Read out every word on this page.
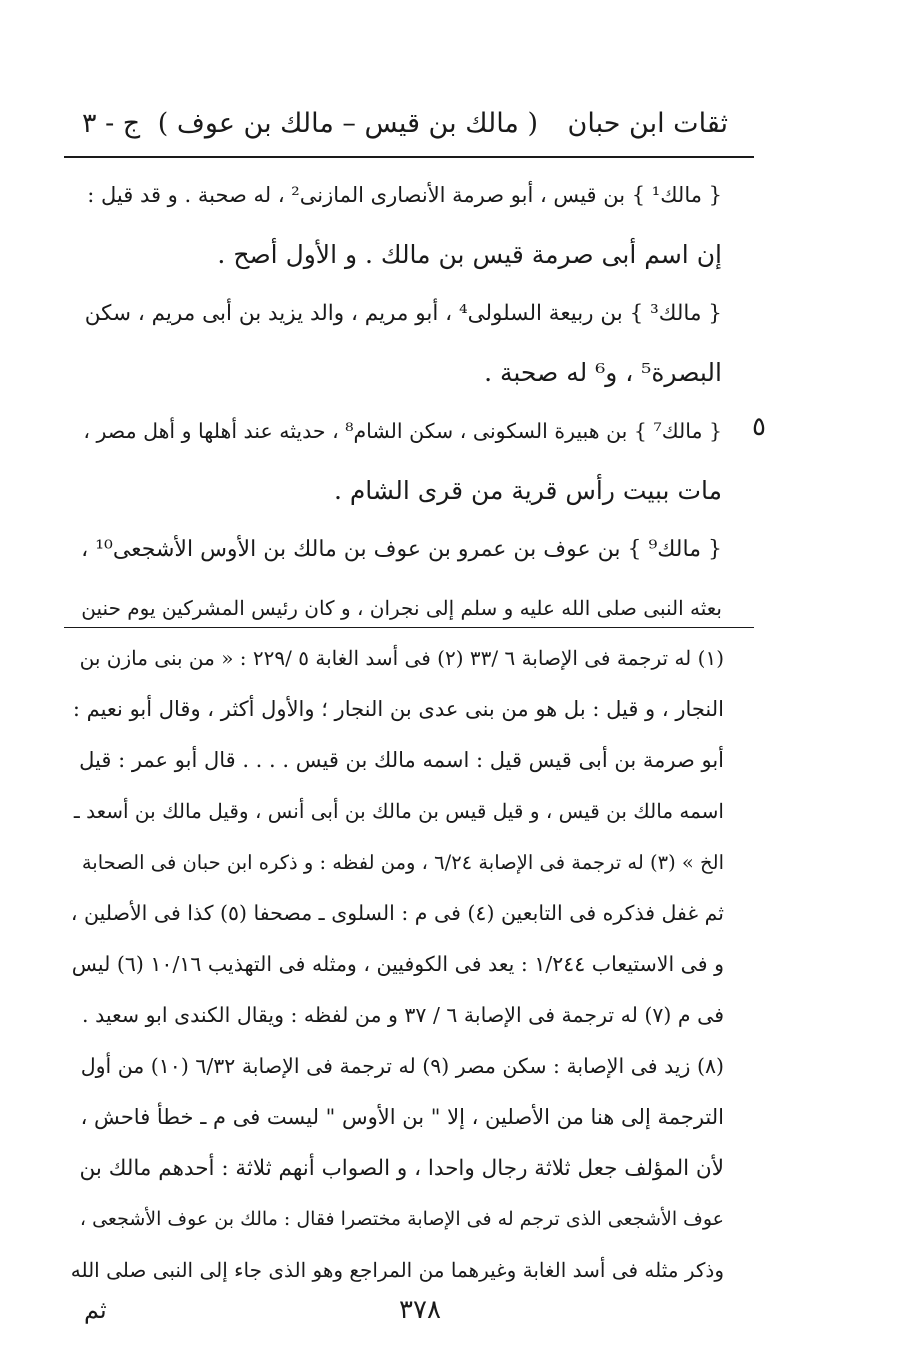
ثقات ابن حبان
( مالك بن قيس – مالك بن عوف )
ج - ٣
{ مالك¹ } بن قيس ، أبو صرمة الأنصارى المازنى² ، له صحبة . و قد قيل :
إن اسم أبى صرمة قيس بن مالك . و الأول أصح .
{ مالك³ } بن ربيعة السلولى⁴ ، أبو مريم ، والد يزيد بن أبى مريم ، سكن
البصرة⁵ ، و⁶ له صحبة .
{ مالك⁷ } بن هبيرة السكونى ، سكن الشام⁸ ، حديثه عند أهلها و أهل مصر ،
مات ببيت رأس قرية من قرى الشام .
{ مالك⁹ } بن عوف بن عمرو بن عوف بن مالك بن الأوس الأشجعى¹⁰ ،
بعثه النبى صلى الله عليه و سلم إلى نجران ، و كان رئيس المشركين يوم حنين
٥
(١) له ترجمة فى الإصابة ٦ /٣٣ (٢) فى أسد الغابة ٥ /٢٢٩ : « من بنى مازن بن
النجار ، و قيل : بل هو من بنى عدى بن النجار ؛ والأول أكثر ، وقال أبو نعيم :
أبو صرمة بن أبى قيس قيل : اسمه مالك بن قيس . . . . قال أبو عمر : قيل
اسمه مالك بن قيس ، و قيل قيس بن مالك بن أبى أنس ، وقيل مالك بن أسعد ـ
الخ » (٣) له ترجمة فى الإصابة ٦/٢٤ ، ومن لفظه : و ذكره ابن حبان فى الصحابة
ثم غفل فذكره فى التابعين (٤) فى م : السلوى ـ مصحفا (٥) كذا فى الأصلين ،
و فى الاستيعاب ١/٢٤٤ : يعد فى الكوفيين ، ومثله فى التهذيب ١٠/١٦ (٦) ليس
فى م (٧) له ترجمة فى الإصابة ٦ / ٣٧ و من لفظه : ويقال الكندى ابو سعيد .
(٨) زيد فى الإصابة : سكن مصر (٩) له ترجمة فى الإصابة ٦/٣٢ (١٠) من أول
الترجمة إلى هنا من الأصلين ، إلا " بن الأوس " ليست فى م ـ خطأ فاحش ،
لأن المؤلف جعل ثلاثة رجال واحدا ، و الصواب أنهم ثلاثة : أحدهم مالك بن
عوف الأشجعى الذى ترجم له فى الإصابة مختصرا فقال : مالك بن عوف الأشجعى ،
وذكر مثله فى أسد الغابة وغيرهما من المراجع وهو الذى جاء إلى النبى صلى الله
ثم	٣٧٨
